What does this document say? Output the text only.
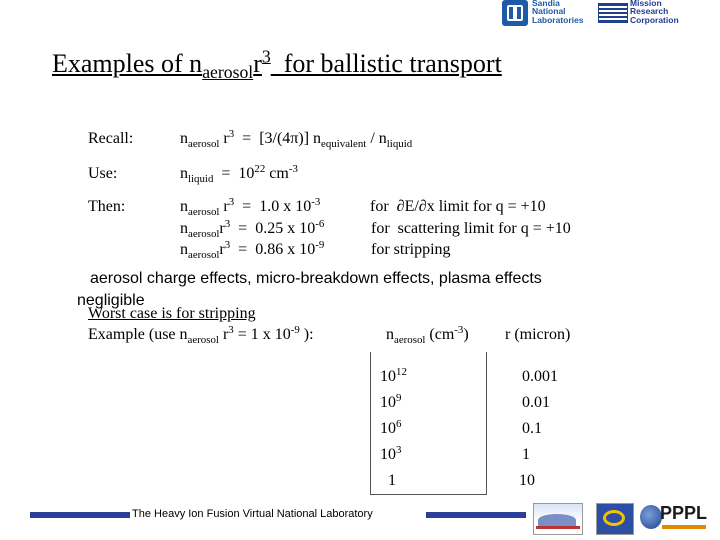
Sandia
National
Laboratories
Mission
Research
Corporation
Examples of $n_{aerosol}r^3$  for ballistic transport
Recall:	$n_{aerosol}$ $r^3 = [3/(4\pi)]$ $n_{equivalent} / n_{liquid}$
Use:	$n_{liquid} = 10^{22}$ $cm^{-3}$
Then:	$n_{aerosol}$ $r^3 = 1.0$ x $10^{-3}$	for  ∂E/∂x limit for q = +10
$n_{aerosol}r^3 = 0.25$ x $10^{-6}$	for  scattering limit for q = +10
$n_{aerosol}r^3 = 0.86$ x $10^{-9}$	for stripping
aerosol charge effects, micro-breakdown effects, plasma effects
negligible
Worst case is for stripping
Example (use $n_{aerosol}$ $r^3 = 1$ x $10^{-9}$ ):	$n_{aerosol}$ $(cm^{-3})$ r (micron)
$10^{12}$	0.001
$10^9$	0.01
$10^6$	0.1
$10^3$	1
1	10
The Heavy Ion Fusion Virtual National Laboratory	PPPL
